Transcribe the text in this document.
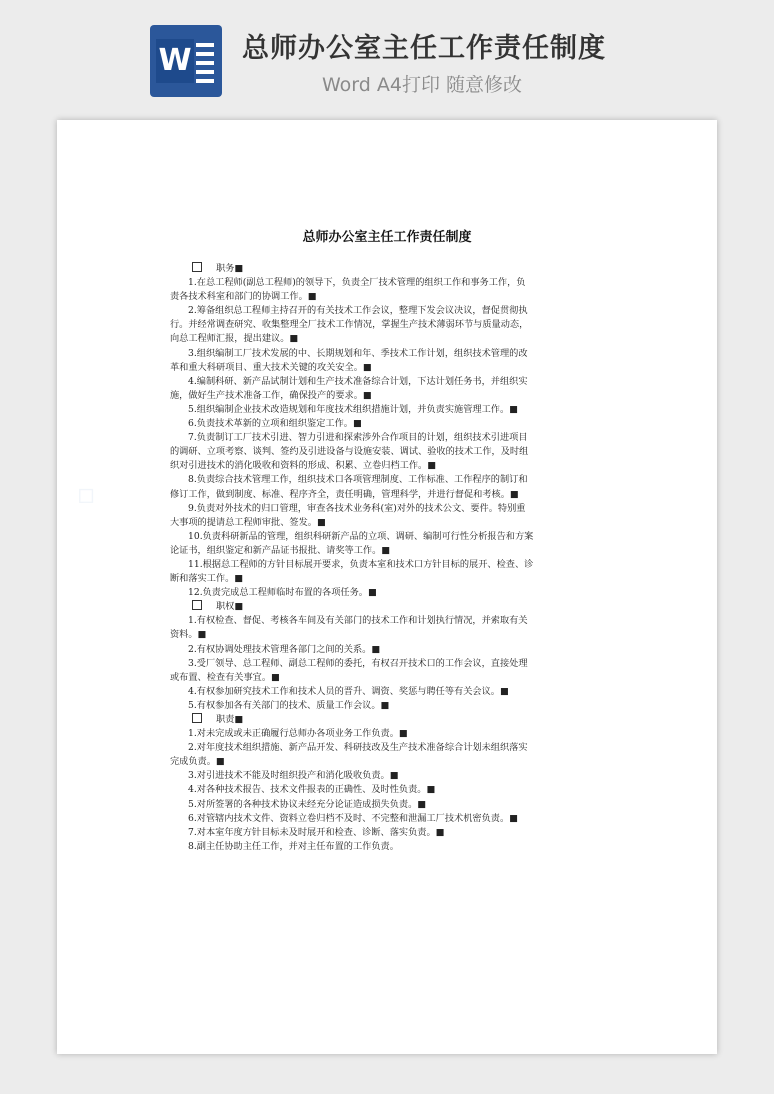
W 总师办公室主任工作责任制度
Word A4打印 随意修改
◇
总师办公室主任工作责任制度
职务■
1.在总工程师(副总工程师)的领导下，负责全厂技术管理的组织工作和事务工作，负
责各技术科室和部门的协调工作。■
2.筹备组织总工程师主持召开的有关技术工作会议，整理下发会议决议，督促贯彻执
行。并经常调查研究、收集整理全厂技术工作情况，掌握生产技术薄弱环节与质量动态，
向总工程师汇报，提出建议。■
3.组织编制工厂技术发展的中、长期规划和年、季技术工作计划，组织技术管理的改
革和重大科研项目、重大技术关键的攻关安全。■
4.编制科研、新产品试制计划和生产技术准备综合计划，下达计划任务书，并组织实
施，做好生产技术准备工作，确保投产的要求。■
5.组织编制企业技术改造规划和年度技术组织措施计划，并负责实施管理工作。■
6.负责技术革新的立项和组织鉴定工作。■
7.负责制订工厂技术引进、智力引进和探索涉外合作项目的计划，组织技术引进项目
的调研、立项考察、谈判、签约及引进设备与设施安装、调试、验收的技术工作，及时组
织对引进技术的消化吸收和资料的形成、积累、立卷归档工作。■
8.负责综合技术管理工作，组织技术口各项管理制度、工作标准、工作程序的制订和
修订工作，做到制度、标准、程序齐全，责任明确，管理科学，并进行督促和考核。■
9.负责对外技术的归口管理，审查各技术业务科(室)对外的技术公文、要件。特别重
大事项的提请总工程师审批、签发。■
10.负责科研新品的管理，组织科研新产品的立项、调研、编制可行性分析报告和方案
论证书，组织鉴定和新产品证书报批、请奖等工作。■
11.根据总工程师的方针目标展开要求，负责本室和技术口方针目标的展开、检查、诊
断和落实工作。■
12.负责完成总工程师临时布置的各项任务。■
职权■
1.有权检查、督促、考核各车间及有关部门的技术工作和计划执行情况，并索取有关
资料。■
2.有权协调处理技术管理各部门之间的关系。■
3.受厂领导、总工程师、副总工程师的委托，有权召开技术口的工作会议，直接处理
或布置、检查有关事宜。■
4.有权参加研究技术工作和技术人员的晋升、调资、奖惩与聘任等有关会议。■
5.有权参加各有关部门的技术、质量工作会议。■
职责■
1.对未完成或未正确履行总师办各项业务工作负责。■
2.对年度技术组织措施、新产品开发、科研技改及生产技术准备综合计划未组织落实
完成负责。■
3.对引进技术不能及时组织投产和消化吸收负责。■
4.对各种技术报告、技术文件报表的正确性、及时性负责。■
5.对所签署的各种技术协议未经充分论证造成损失负责。■
6.对管辖内技术文件、资料立卷归档不及时、不完整和泄漏工厂技术机密负责。■
7.对本室年度方针目标未及时展开和检查、诊断、落实负责。■
8.副主任协助主任工作，并对主任布置的工作负责。
